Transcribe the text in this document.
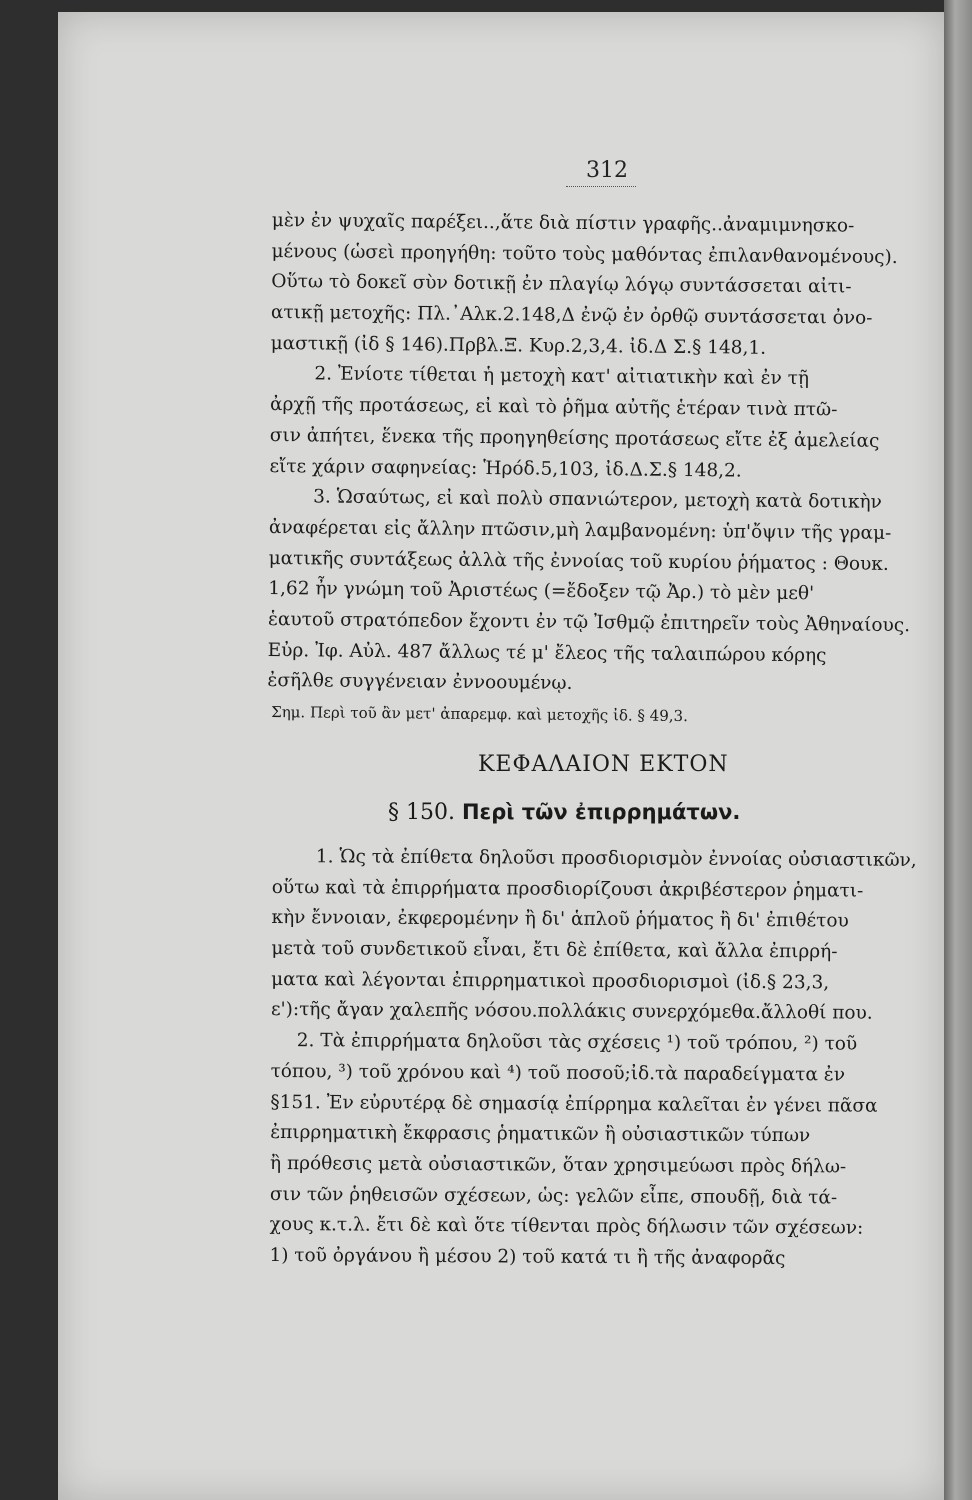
312
μὲν ἐν ψυχαῖς παρέξει..,ἅτε διὰ πίστιν γραφῆς..ἀναμιμνησκο-
μένους (ὡσεὶ προηγήθη: τοῦτο τοὺς μαθόντας ἐπιλανθανομένους).
Οὕτω τὸ δοκεῖ σὺν δοτικῇ ἐν πλαγίῳ λόγῳ συντάσσεται αἰτι-
ατικῇ μετοχῆς: Πλ.᾿Αλκ.2.148,Δ ἐνῷ ἐν ὀρθῷ συντάσσεται ὀνο-
μαστικῇ (ἰδ § 146).Πρβλ.Ξ. Κυρ.2,3,4. ἰδ.Δ Σ.§ 148,1.
2. Ἐνίοτε τίθεται ἡ μετοχὴ κατ' αἰτιατικὴν καὶ ἐν τῇ
ἀρχῇ τῆς προτάσεως, εἰ καὶ τὸ ῥῆμα αὐτῆς ἑτέραν τινὰ πτῶ-
σιν ἀπήτει, ἕνεκα τῆς προηγηθείσης προτάσεως εἴτε ἐξ ἀμελείας
εἴτε χάριν σαφηνείας: Ἡρόδ.5,103, ἰδ.Δ.Σ.§ 148,2.
3. Ὡσαύτως, εἰ καὶ πολὺ σπανιώτερον, μετοχὴ κατὰ δοτικὴν
ἀναφέρεται εἰς ἄλλην πτῶσιν,μὴ λαμβανομένη: ὑπ'ὄψιν τῆς γραμ-
ματικῆς συντάξεως ἀλλὰ τῆς ἐννοίας τοῦ κυρίου ῥήματος : Θουκ.
1,62 ἦν γνώμη τοῦ Ἀριστέως (=ἔδοξεν τῷ Ἀρ.) τὸ μὲν μεθ'
ἑαυτοῦ στρατόπεδον ἔχοντι ἐν τῷ Ἰσθμῷ ἐπιτηρεῖν τοὺς Ἀθηναίους.
Εὐρ. Ἰφ. Αὐλ. 487 ἄλλως τέ μ' ἔλεος τῆς ταλαιπώρου κόρης
ἐσῆλθε συγγένειαν ἐννοουμένῳ.
Σημ. Περὶ τοῦ ἂν μετ' ἀπαρεμφ. καὶ μετοχῆς ἰδ. § 49,3.
ΚΕΦΑΛΑΙΟΝ ΕΚΤΟΝ
§ 150. Περὶ τῶν ἐπιρρημάτων.
1. Ὡς τὰ ἐπίθετα δηλοῦσι προσδιορισμὸν ἐννοίας οὐσιαστικῶν,
οὕτω καὶ τὰ ἐπιρρήματα προσδιορίζουσι ἀκριβέστερον ῥηματι-
κὴν ἔννοιαν, ἐκφερομένην ἢ δι' ἁπλοῦ ῥήματος ἢ δι' ἐπιθέτου
μετὰ τοῦ συνδετικοῦ εἶναι, ἔτι δὲ ἐπίθετα, καὶ ἄλλα ἐπιρρή-
ματα καὶ λέγονται ἐπιρρηματικοὶ προσδιορισμοὶ (ἰδ.§ 23,3,
ε'):τῆς ἄγαν χαλεπῆς νόσου.πολλάκις συνερχόμεθα.ἄλλοθί που.
2. Τὰ ἐπιρρήματα δηλοῦσι τὰς σχέσεις ¹) τοῦ τρόπου, ²) τοῦ
τόπου, ³) τοῦ χρόνου καὶ ⁴) τοῦ ποσοῦ;ἰδ.τὰ παραδείγματα ἐν
§151. Ἐν εὐρυτέρᾳ δὲ σημασίᾳ ἐπίρρημα καλεῖται ἐν γένει πᾶσα
ἐπιρρηματικὴ ἔκφρασις ῥηματικῶν ἢ οὐσιαστικῶν τύπων
ἢ πρόθεσις μετὰ οὐσιαστικῶν, ὅταν χρησιμεύωσι πρὸς δήλω-
σιν τῶν ῥηθεισῶν σχέσεων, ὡς: γελῶν εἶπε, σπουδῇ, διὰ τά-
χους κ.τ.λ. ἔτι δὲ καὶ ὅτε τίθενται πρὸς δήλωσιν τῶν σχέσεων:
1) τοῦ ὀργάνου ἢ μέσου 2) τοῦ κατά τι ἢ τῆς ἀναφορᾶς
